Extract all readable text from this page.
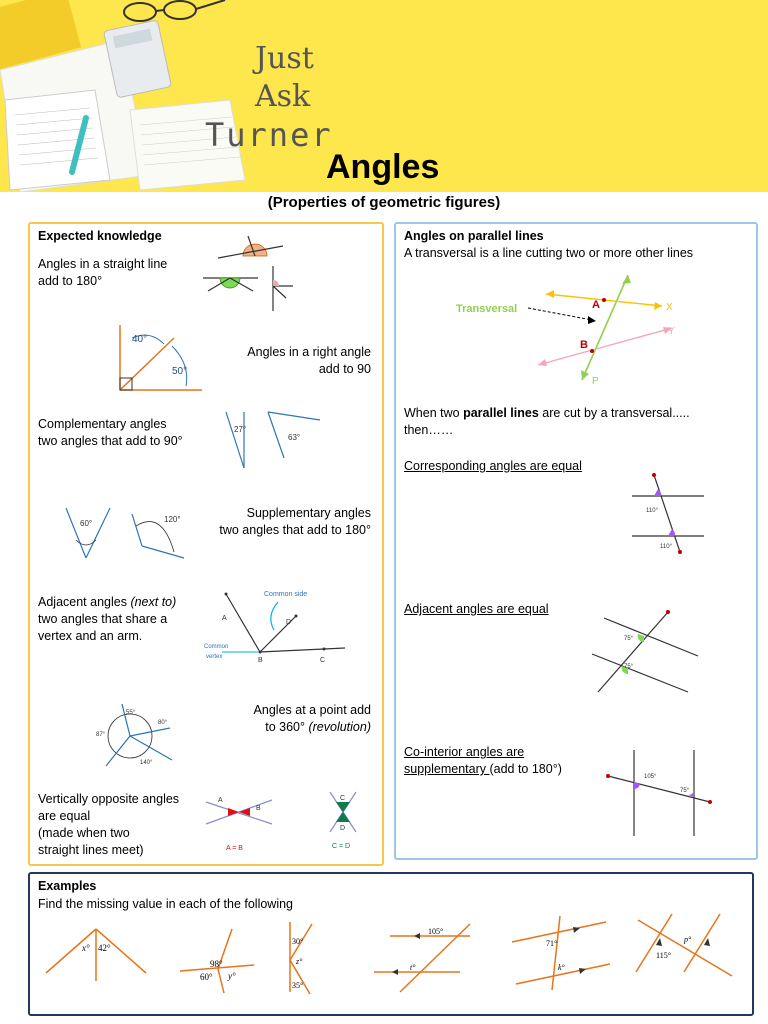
Just
Ask
Turner
Angles
(Properties of geometric figures)
Expected knowledge
Angles in a straight line
add to 180°
40°
50°
Angles in a right angle
add to 90
Complementary angles
two angles that add to 90°
27°
63°
60°	120°	Supplementary angles
two angles that add to 180°
Adjacent angles (next to)
two angles that share a
vertex and an arm.
Common side
A
B	C
D
Common
vertex
55°
80°
87°
140°
Angles at a point add
to 360° (revolution)
Vertically opposite angles
are equal
(made when two
straight lines meet)
A
B
A = B
C
D
C = D
Angles on parallel lines
A transversal is a line cutting two or more other lines
Transversal	A
B
X
Y
P
When two parallel lines are cut by a transversal.....
then……
Corresponding angles are equal
110°
110°
Adjacent angles are equal
75°
75°
Co-interior angles are
supplementary (add to 180°)
105°
75°
Examples
Find the missing value in each of the following
x° 42°
98°
60° y°
30°
z°
35°
105°
t°
71°
k°
115°
p°
